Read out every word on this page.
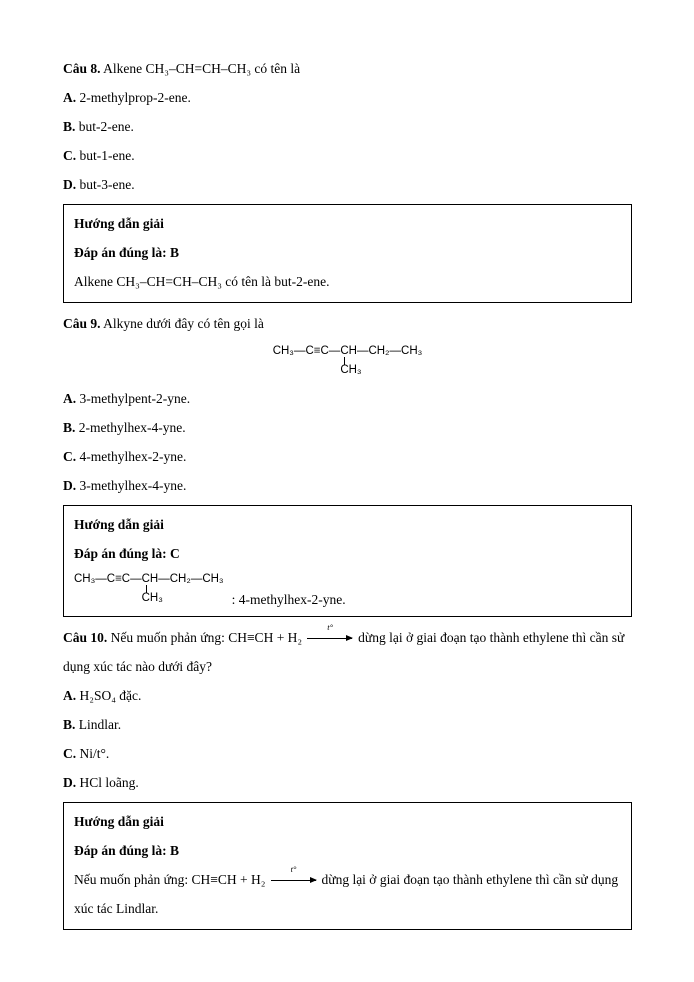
Câu 8. Alkene CH₃–CH=CH–CH₃ có tên là

A. 2-methylprop-2-ene.

B. but-2-ene.

C. but-1-ene.

D. but-3-ene.

Hướng dẫn giải

Đáp án đúng là: B

Alkene CH₃–CH=CH–CH₃ có tên là but-2-ene.

Câu 9. Alkyne dưới đây có tên gọi là

CH₃—C≡C—CH
CH₃
—CH₂—CH₃

A. 3-methylpent-2-yne.

B. 2-methylhex-4-yne.

C. 4-methylhex-2-yne.

D. 3-methylhex-4-yne.

Hướng dẫn giải

Đáp án đúng là: C

CH₃—C≡C—CH
CH₃
—CH₂—CH₃
: 4-methylhex-2-yne.

Câu 10. Nếu muốn phản ứng: CH≡CH + H₂
t°
dừng lại ở giai đoạn tạo thành ethylene thì cần sử dụng xúc tác nào dưới đây?

A. H₂SO₄ đặc.

B. Lindlar.

C. Ni/t°.

D. HCl loãng.

Hướng dẫn giải

Đáp án đúng là: B

Nếu muốn phản ứng: CH≡CH + H₂
t°
dừng lại ở giai đoạn tạo thành ethylene thì cần sử dụng xúc tác Lindlar.
